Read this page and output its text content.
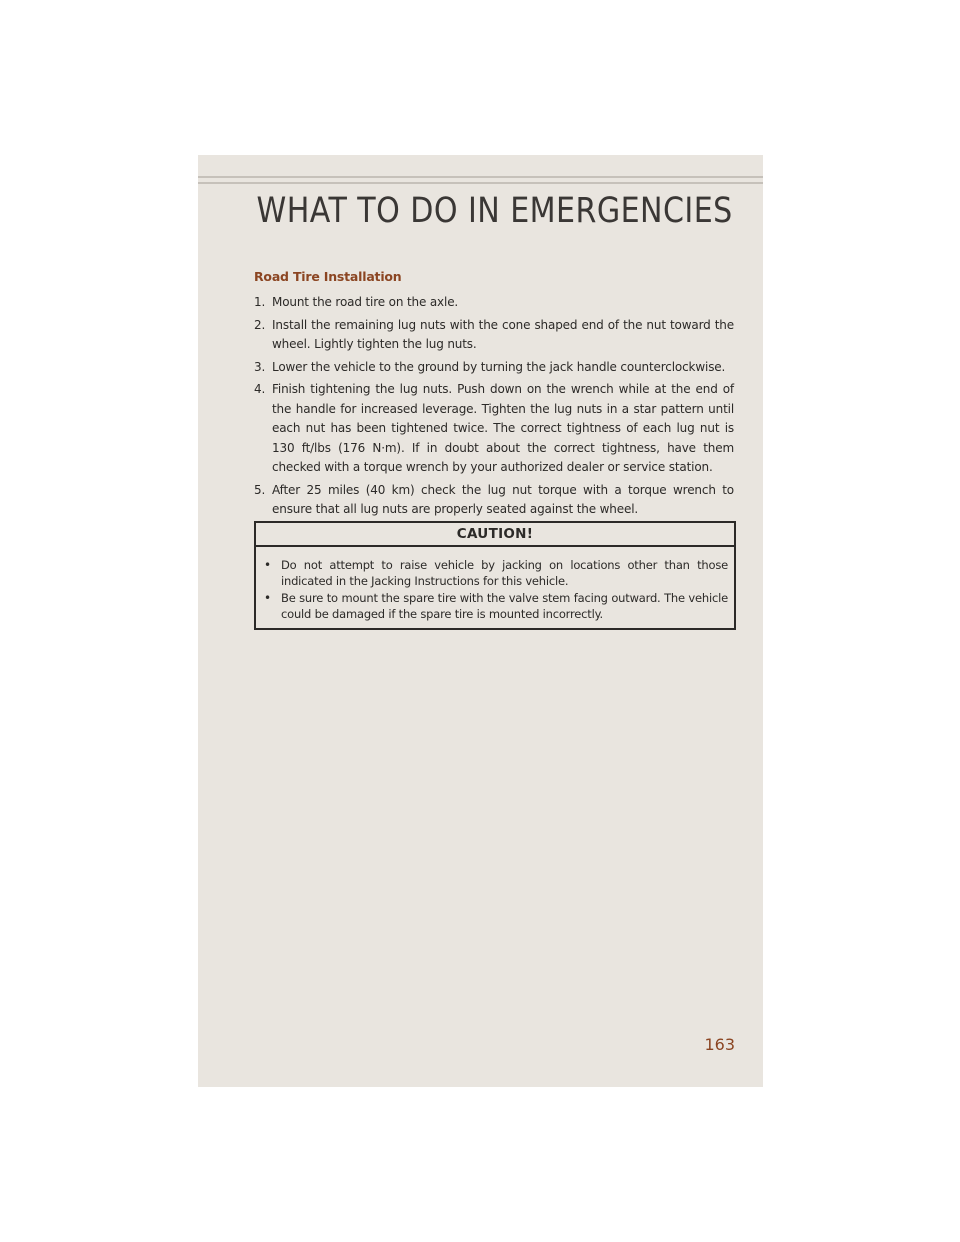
WHAT TO DO IN EMERGENCIES
Road Tire Installation
1. Mount the road tire on the axle.
2. Install the remaining lug nuts with the cone shaped end of the nut toward the wheel. Lightly tighten the lug nuts.
3. Lower the vehicle to the ground by turning the jack handle counterclockwise.
4. Finish tightening the lug nuts. Push down on the wrench while at the end of the handle for increased leverage. Tighten the lug nuts in a star pattern until each nut has been tightened twice. The correct tightness of each lug nut is 130 ft/lbs (176 N·m). If in doubt about the correct tightness, have them checked with a torque wrench by your authorized dealer or service station.
5. After 25 miles (40 km) check the lug nut torque with a torque wrench to ensure that all lug nuts are properly seated against the wheel.
CAUTION!
• Do not attempt to raise vehicle by jacking on locations other than those indicated in the Jacking Instructions for this vehicle.
• Be sure to mount the spare tire with the valve stem facing outward. The vehicle could be damaged if the spare tire is mounted incorrectly.
163
